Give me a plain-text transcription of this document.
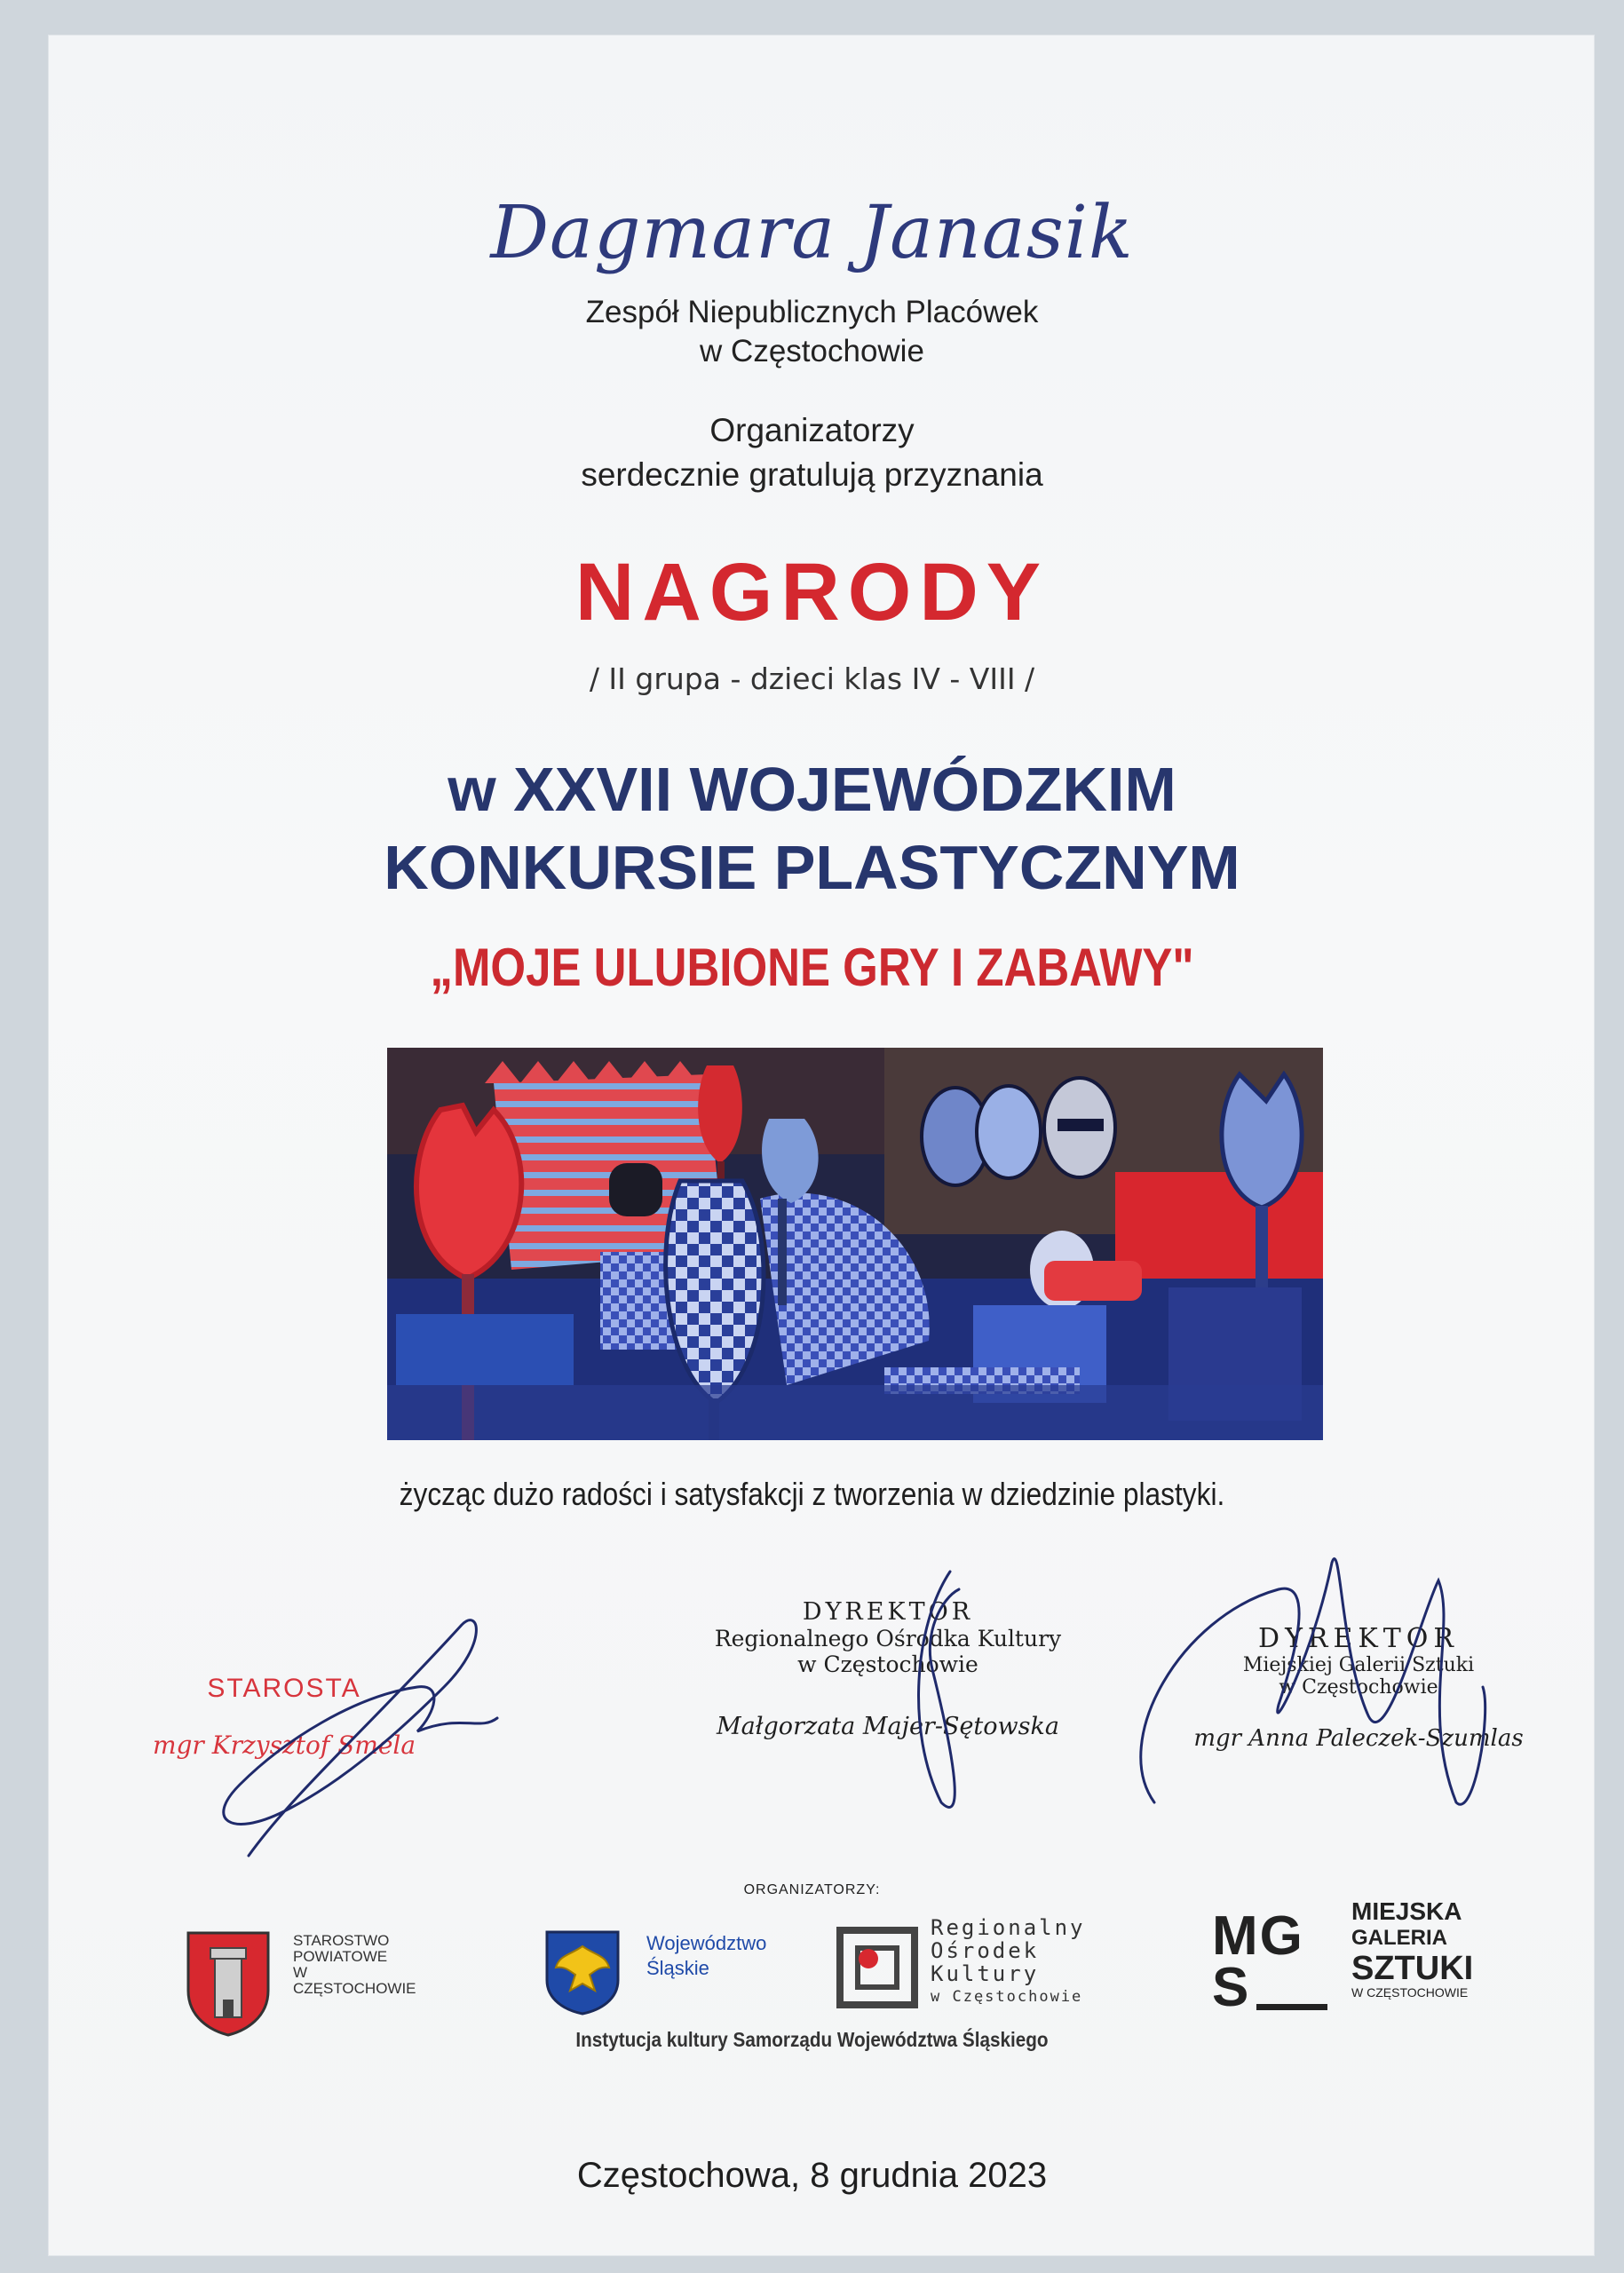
Dagmara Janasik
Zespół Niepublicznych Placówek
w Częstochowie
Organizatorzy
serdecznie gratulują przyznania
NAGRODY
/ II grupa - dzieci klas IV - VIII /
w XXVII WOJEWÓDZKIM
KONKURSIE PLASTYCZNYM
„MOJE ULUBIONE GRY I ZABAWY"
życząc dużo radości i satysfakcji z tworzenia w dziedzinie plastyki.
STAROSTA
mgr Krzysztof Smela
DYREKTOR
Regionalnego Ośrodka Kultury
w Częstochowie
Małgorzata Majer-Sętowska
DYREKTOR
Miejskiej Galerii Sztuki
w Częstochowie
mgr Anna Paleczek-Szumlas
ORGANIZATORZY:
STAROSTWO
POWIATOWE
W
CZĘSTOCHOWIE
Województwo
Śląskie
Regionalny
Ośrodek
Kultury
w Częstochowie
MG
S
MIEJSKA
GALERIA
SZTUKI
W CZĘSTOCHOWIE
Instytucja kultury Samorządu Województwa Śląskiego
Częstochowa, 8 grudnia 2023
